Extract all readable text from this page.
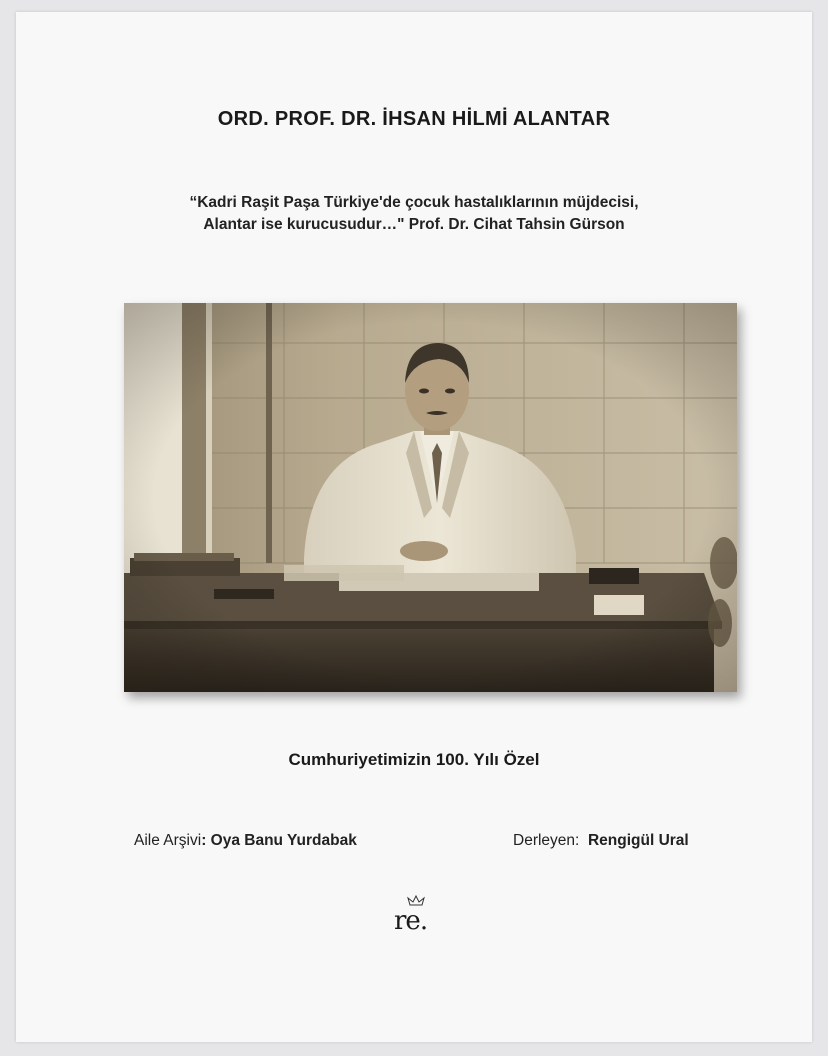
ORD. PROF. DR. İHSAN HİLMİ ALANTAR
“Kadri Raşit Paşa Türkiye'de çocuk hastalıklarının müjdecisi,
Alantar ise kurucusudur…" Prof. Dr. Cihat Tahsin Gürson
Cumhuriyetimizin 100. Yılı Özel
Aile Arşivi: Oya Banu Yurdabak	Derleyen: Rengigül Ural
re.
